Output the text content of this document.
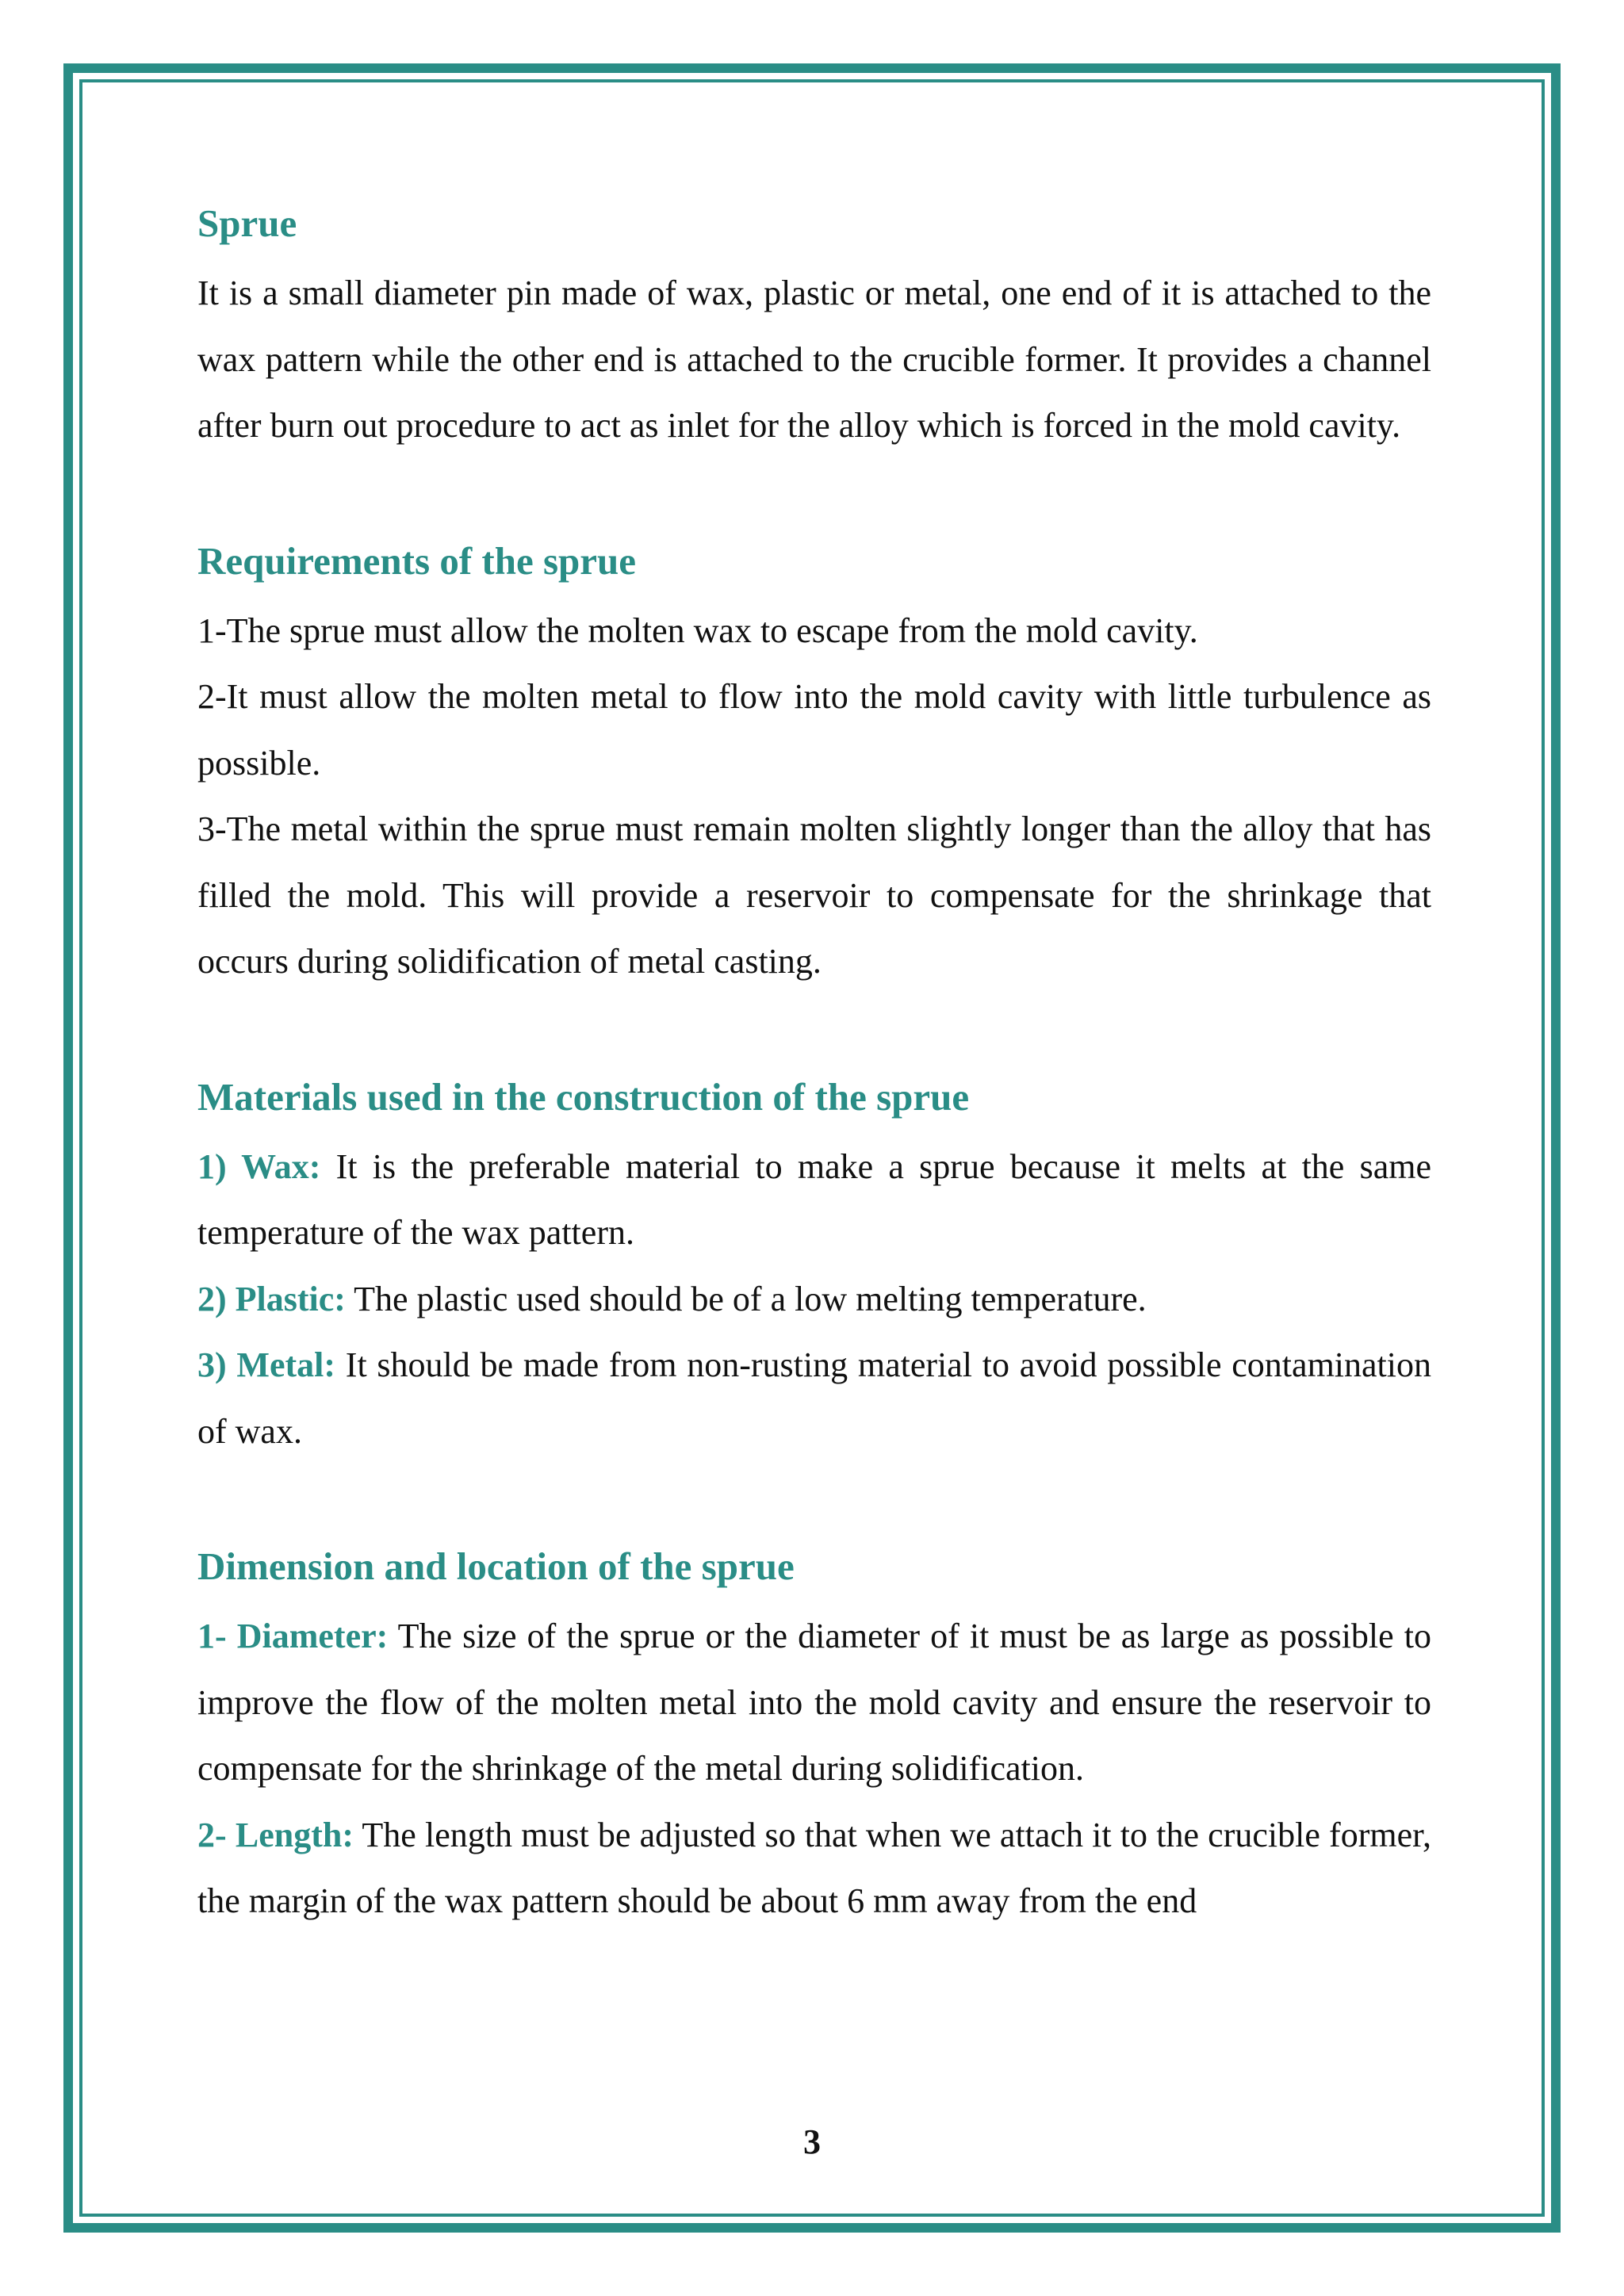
Sprue

It is a small diameter pin made of wax, plastic or metal, one end of it is attached to the wax pattern while the other end is attached to the crucible former. It provides a channel after burn out procedure to act as inlet for the alloy which is forced in the mold cavity.

Requirements of the sprue

1-The sprue must allow the molten wax to escape from the mold cavity.

2-It must allow the molten metal to flow into the mold cavity with little turbulence as possible.

3-The metal within the sprue must remain molten slightly longer than the alloy that has filled the mold. This will provide a reservoir to compensate for the shrinkage that occurs during solidification of metal casting.

Materials used in the construction of the sprue

1) Wax: It is the preferable material to make a sprue because it melts at the same temperature of the wax pattern.

2) Plastic: The plastic used should be of a low melting temperature.

3) Metal: It should be made from non-rusting material to avoid possible contamination of wax.

Dimension and location of the sprue

1- Diameter: The size of the sprue or the diameter of it must be as large as possible to improve the flow of the molten metal into the mold cavity and ensure the reservoir to compensate for the shrinkage of the metal during solidification.

2- Length: The length must be adjusted so that when we attach it to the crucible former, the margin of the wax pattern should be about 6 mm away from the end

3
